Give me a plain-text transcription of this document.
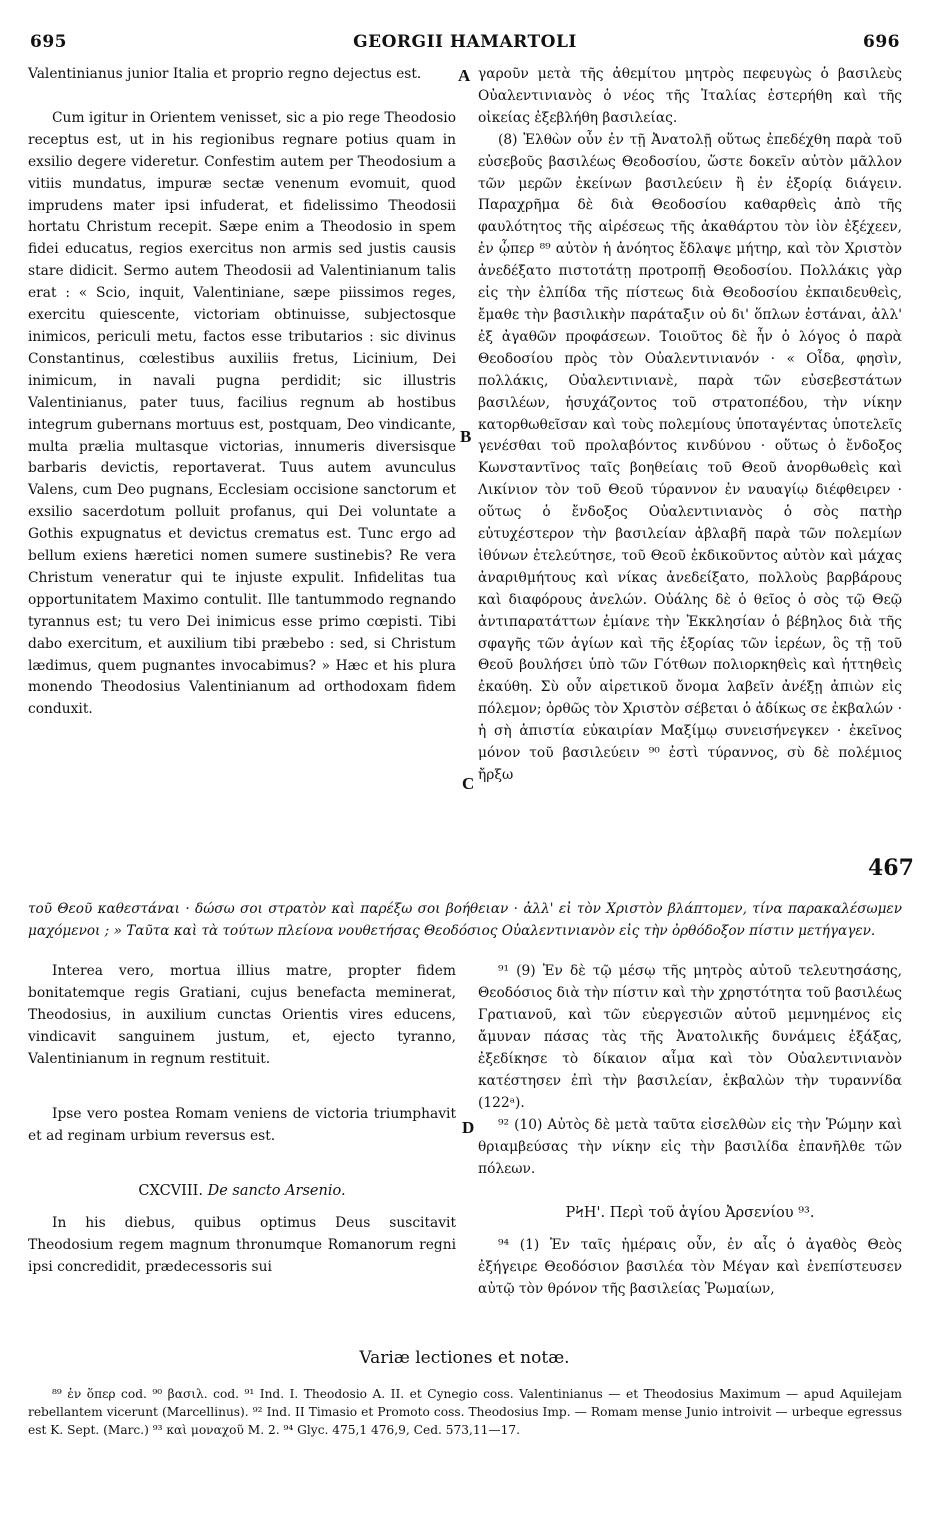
695	GEORGII HAMARTOLI	696

Valentinianus junior Italia et proprio regno dejectus est.

Cum igitur in Orientem venisset, sic a pio rege Theodosio receptus est, ut in his regionibus regnare potius quam in exsilio degere videretur. Confestim autem per Theodosium a vitiis mundatus, impuræ sectæ venenum evomuit, quod imprudens mater ipsi infuderat, et fidelissimo Theodosii hortatu Christum recepit. Sæpe enim a Theodosio in spem fidei educatus, regios exercitus non armis sed justis causis stare didicit. Sermo autem Theodosii ad Valentinianum talis erat : « Scio, inquit, Valentiniane, sæpe piissimos reges, exercitu quiescente, victoriam obtinuisse, subjectosque inimicos, periculi metu, factos esse tributarios : sic divinus Constantinus, cœlestibus auxiliis fretus, Licinium, Dei inimicum, in navali pugna perdidit; sic illustris Valentinianus, pater tuus, facilius regnum ab hostibus integrum gubernans mortuus est, postquam, Deo vindicante, multa prælia multasque victorias, innumeris diversisque barbaris devictis, reportaverat. Tuus autem avunculus Valens, cum Deo pugnans, Ecclesiam occisione sanctorum et exsilio sacerdotum polluit profanus, qui Dei voluntate a Gothis expugnatus et devictus crematus est. Tunc ergo ad bellum exiens hæretici nomen sumere sustinebis? Re vera Christum veneratur qui te injuste expulit. Infidelitas tua opportunitatem Maximo contulit. Ille tantummodo regnando tyrannus est; tu vero Dei inimicus esse primo cœpisti. Tibi dabo exercitum, et auxilium tibi præbebo : sed, si Christum lædimus, quem pugnantes invocabimus? » Hæc et his plura monendo Theodosius Valentinianum ad orthodoxam fidem conduxit.

γαροῦν μετὰ τῆς ἀθεμίτου μητρὸς πεφευγὼς ὁ βασιλεὺς Οὐαλεντινιανὸς ὁ νέος τῆς Ἰταλίας ἐστερήθη καὶ τῆς οἰκείας ἐξεβλήθη βασιλείας.

(8) Ἐλθὼν οὖν ἐν τῇ Ἀνατολῇ οὕτως ἐπεδέχθη παρὰ τοῦ εὐσεβοῦς βασιλέως Θεοδοσίου, ὥστε δοκεῖν αὐτὸν μᾶλλον τῶν μερῶν ἐκείνων βασιλεύειν ἢ ἐν ἐξορίᾳ διάγειν. Παραχρῆμα δὲ διὰ Θεοδοσίου καθαρθεὶς ἀπὸ τῆς φαυλότητος τῆς αἱρέσεως τῆς ἀκαθάρτου τὸν ἰὸν ἐξέχεεν, ἐν ᾧπερ ⁸⁹ αὐτὸν ἡ ἀνόητος ἔδλαψε μήτηρ, καὶ τὸν Χριστὸν ἀνεδέξατο πιστοτάτῃ προτροπῇ Θεοδοσίου. Πολλάκις γὰρ εἰς τὴν ἐλπίδα τῆς πίστεως διὰ Θεοδοσίου ἐκπαιδευθεὶς, ἔμαθε τὴν βασιλικὴν παράταξιν οὐ δι' ὅπλων ἑστάναι, ἀλλ' ἐξ ἀγαθῶν προφάσεων. Τοιοῦτος δὲ ἦν ὁ λόγος ὁ παρὰ Θεοδοσίου πρὸς τὸν Οὐαλεντινιανόν · « Οἶδα, φησὶν, πολλάκις, Οὐαλεντινιανὲ, παρὰ τῶν εὐσεβεστάτων βασιλέων, ἡσυχάζοντος τοῦ στρατοπέδου, τὴν νίκην κατορθωθεῖσαν καὶ τοὺς πολεμίους ὑποταγέντας ὑποτελεῖς γενέσθαι τοῦ προλαβόντος κινδύνου · οὕτως ὁ ἔνδοξος Κωνσταντῖνος ταῖς βοηθείαις τοῦ Θεοῦ ἀνορθωθεὶς καὶ Λικίνιον τὸν τοῦ Θεοῦ τύραννον ἐν ναυαγίῳ διέφθειρεν · οὕτως ὁ ἔνδοξος Οὐαλεντινιανὸς ὁ σὸς πατὴρ εὐτυχέστερον τὴν βασιλείαν ἀβλαβῆ παρὰ τῶν πολεμίων ἰθύνων ἐτελεύτησε, τοῦ Θεοῦ ἐκδικοῦντος αὐτὸν καὶ μάχας ἀναριθμήτους καὶ νίκας ἀνεδείξατο, πολλοὺς βαρβάρους καὶ διαφόρους ἀνελών. Οὐάλης δὲ ὁ θεῖος ὁ σὸς τῷ Θεῷ ἀντιπαρατάττων ἐμίανε τὴν Ἐκκλησίαν ὁ βέβηλος διὰ τῆς σφαγῆς τῶν ἁγίων καὶ τῆς ἐξορίας τῶν ἱερέων, ὃς τῇ τοῦ Θεοῦ βουλήσει ὑπὸ τῶν Γότθων πολιορκηθεὶς καὶ ἡττηθεὶς ἐκαύθη. Σὺ οὖν αἱρετικοῦ ὄνομα λαβεῖν ἀνέξῃ ἀπιὼν εἰς πόλεμον; ὀρθῶς τὸν Χριστὸν σέβεται ὁ ἀδίκως σε ἐκβαλών · ἡ σὴ ἀπιστία εὐκαιρίαν Μαξίμῳ συνεισήνεγκεν · ἐκεῖνος μόνον τοῦ βασιλεύειν ⁹⁰ ἐστὶ τύραννος, σὺ δὲ πολέμιος ἤρξω

A
B
C
D
467
τοῦ Θεοῦ καθεστάναι · δώσω σοι στρατὸν καὶ παρέξω σοι βοήθειαν · ἀλλ' εἰ τὸν Χριστὸν βλάπτομεν, τίνα παρακαλέσωμεν μαχόμενοι ; » Ταῦτα καὶ τὰ τούτων πλείονα νουθετήσας Θεοδόσιος Οὐαλεντινιανὸν εἰς τὴν ὀρθόδοξον πίστιν μετήγαγεν.

Interea vero, mortua illius matre, propter fidem bonitatemque regis Gratiani, cujus benefacta meminerat, Theodosius, in auxilium cunctas Orientis vires educens, vindicavit sanguinem justum, et, ejecto tyranno, Valentinianum in regnum restituit.

Ipse vero postea Romam veniens de victoria triumphavit et ad reginam urbium reversus est.

CXCVIII. De sancto Arsenio.

In his diebus, quibus optimus Deus suscitavit Theodosium regem magnum thronumque Romanorum regni ipsi concredidit, prædecessoris sui

⁹¹ (9) Ἐν δὲ τῷ μέσῳ τῆς μητρὸς αὐτοῦ τελευτησάσης, Θεοδόσιος διὰ τὴν πίστιν καὶ τὴν χρηστότητα τοῦ βασιλέως Γρατιανοῦ, καὶ τῶν εὐεργεσιῶν αὐτοῦ μεμνημένος εἰς ἄμυναν πάσας τὰς τῆς Ἀνατολικῆς δυνάμεις ἐξάξας, ἐξεδίκησε τὸ δίκαιον αἷμα καὶ τὸν Οὐαλεντινιανὸν κατέστησεν ἐπὶ τὴν βασιλείαν, ἐκβαλὼν τὴν τυραννίδα (122ᵃ).

⁹² (10) Αὐτὸς δὲ μετὰ ταῦτα εἰσελθὼν εἰς τὴν Ῥώμην καὶ θριαμβεύσας τὴν νίκην εἰς τὴν βασιλίδα ἐπανῆλθε τῶν πόλεων.

ΡϞΗ'. Περὶ τοῦ ἁγίου Ἀρσενίου ⁹³.

⁹⁴ (1) Ἐν ταῖς ἡμέραις οὖν, ἐν αἷς ὁ ἀγαθὸς Θεὸς ἐξήγειρε Θεοδόσιον βασιλέα τὸν Μέγαν καὶ ἐνεπίστευσεν αὐτῷ τὸν θρόνον τῆς βασιλείας Ῥωμαίων,

Variæ lectiones et notæ.

⁸⁹ ἐν ὅπερ cod. ⁹⁰ βασιλ. cod. ⁹¹ Ind. I. Theodosio A. II. et Cynegio coss. Valentinianus — et Theodosius Maximum — apud Aquilejam rebellantem vicerunt (Marcellinus). ⁹² Ind. II Timasio et Promoto coss. Theodosius Imp. — Romam mense Junio introivit — urbeque egressus est K. Sept. (Marc.) ⁹³ καὶ μοναχοῦ M. 2. ⁹⁴ Glyc. 475,1 476,9, Ced. 573,11—17.
